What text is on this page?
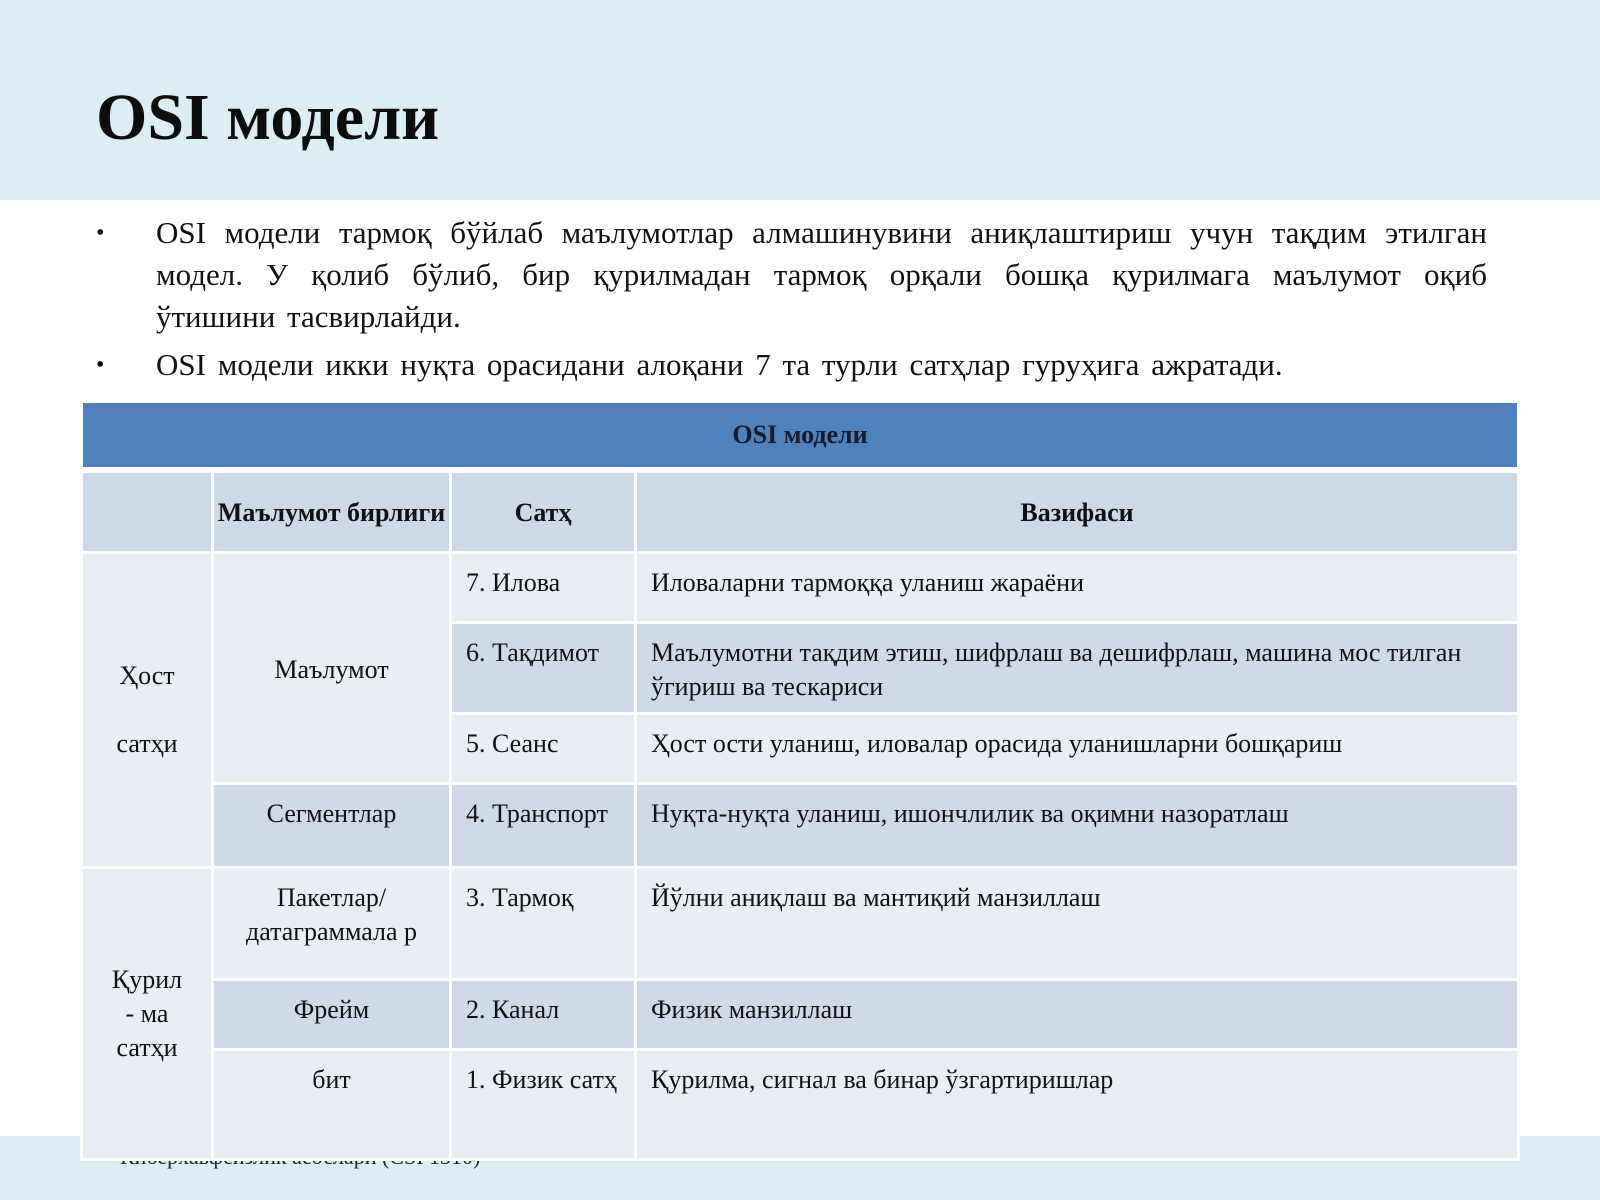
OSI модели
• OSI модели тармоқ бўйлаб маълумотлар алмашинувини аниқлаштириш учун тақдим этилган модел. У қолиб бўлиб, бир қурилмадан тармоқ орқали бошқа қурилмага маълумот оқиб ўтишини тасвирлайди.
• OSI модели икки нуқта орасидани алоқани 7 та турли сатҳлар гуруҳига ажратади.
OSI модели			
	Маълумот бирлиги	Сатҳ	Вазифаси
Ҳост

сатҳи	Маълумот	7. Илова	Иловаларни тармоққа уланиш жараёни
		6. Тақдимот	Маълумотни тақдим этиш, шифрлаш ва дешифрлаш, машина мос тилган ўгириш ва тескариси
		5. Сеанс	Ҳост ости уланиш, иловалар орасида уланишларни бошқариш
	Сегментлар	4. Транспорт	Нуқта-нуқта уланиш, ишончлилик ва оқимни назоратлаш
Қурил
- ма
сатҳи	Пакетлар/ датаграммала р	3. Тармоқ	Йўлни аниқлаш ва мантиқий манзиллаш
	Фрейм	2. Канал	Физик манзиллаш
	бит	1. Физик сатҳ	Қурилма, сигнал ва бинар ўзгартиришлар
